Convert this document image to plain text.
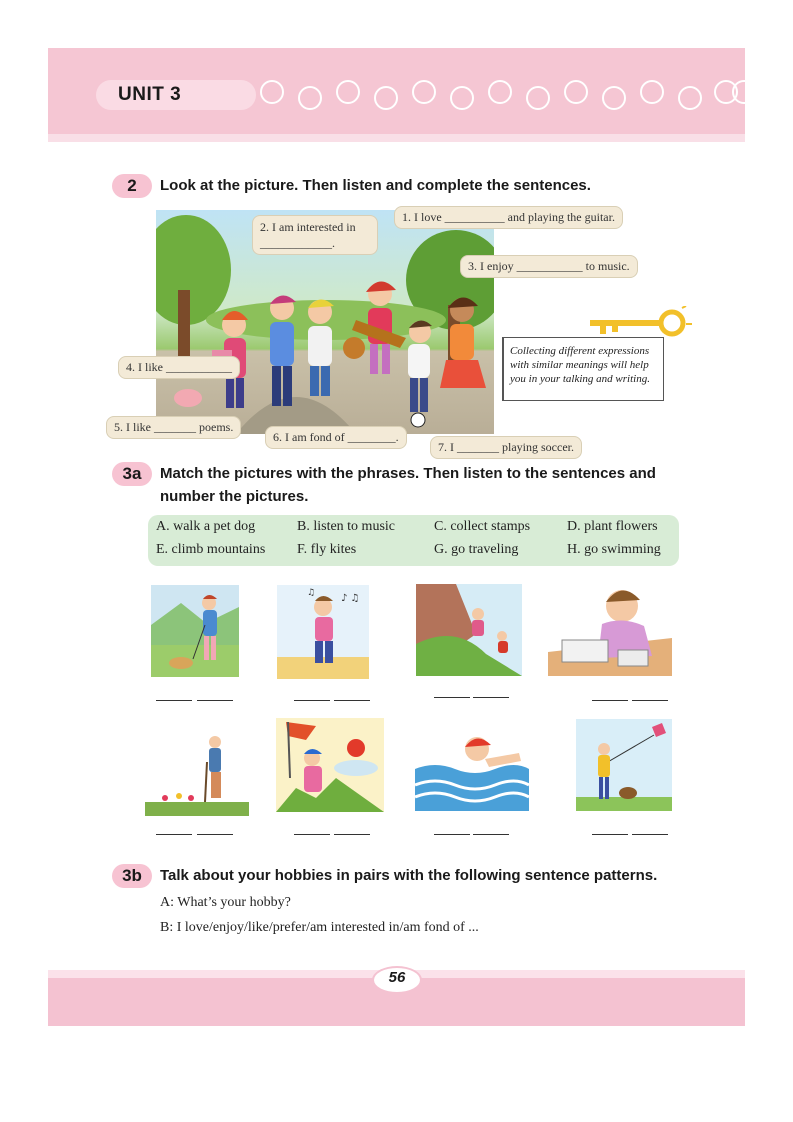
UNIT 3
2	Look at the picture. Then listen and complete the sentences.
1. I love __________ and playing the guitar.
2. I am interested in
____________.
3. I enjoy ___________ to music.
4. I like ___________
5. I like _______ poems.
6. I am fond of ________.
7. I _______ playing soccer.
Collecting different expressions
with similar meanings will help
you in your talking and writing.
3a	Match the pictures with the phrases. Then listen to the sentences and
number the pictures.
A. walk a pet dog	B. listen to music	C. collect stamps	D. plant flowers
E. climb mountains F. fly kites	G. go traveling	H. go swimming
♪ ♫
♫
3b	Talk about your hobbies in pairs with the following sentence patterns.
A: What’s your hobby?
B: I love/enjoy/like/prefer/am interested in/am fond of ...
56
